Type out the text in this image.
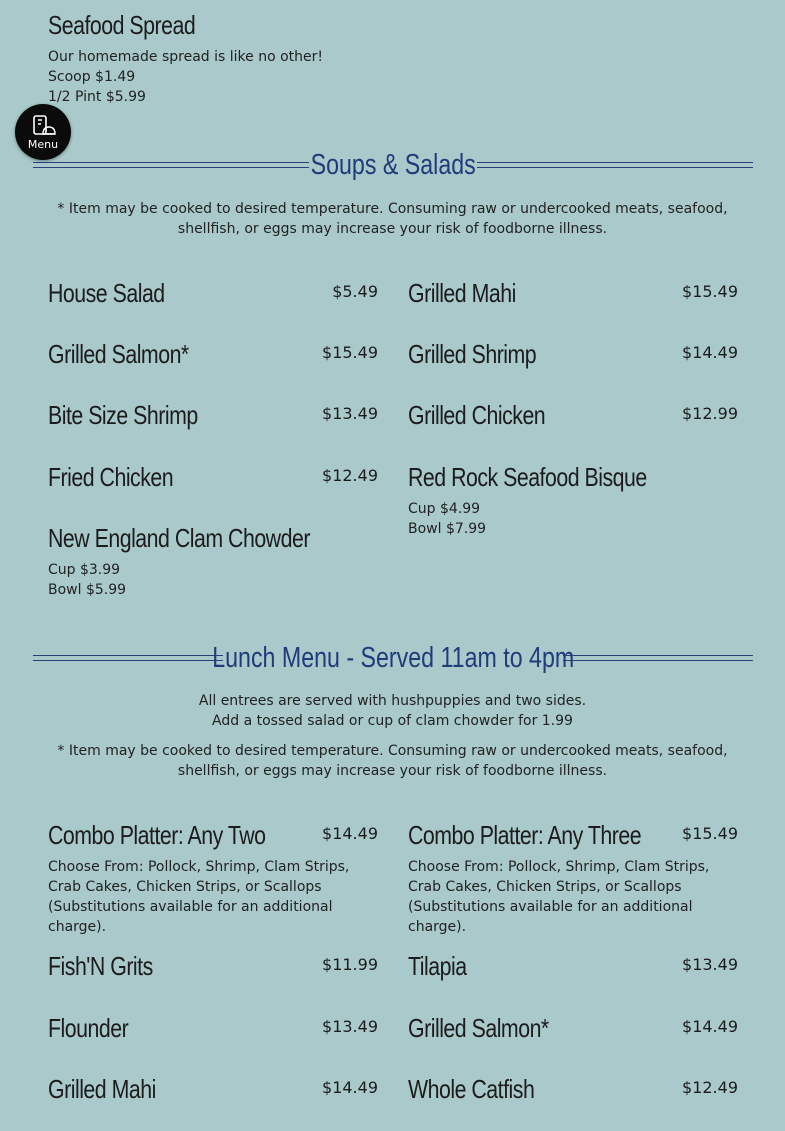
Seafood Spread
Our homemade spread is like no other!
Scoop $1.49
1/2 Pint $5.99
Menu
Soups & Salads
* Item may be cooked to desired temperature. Consuming raw or undercooked meats, seafood, shellfish, or eggs may increase your risk of foodborne illness.
House Salad	$5.49 Grilled Mahi	$15.49
Grilled Salmon*	$15.49 Grilled Shrimp	$14.49
Bite Size Shrimp	$13.49 Grilled Chicken	$12.99
Fried Chicken	$12.49 Red Rock Seafood Bisque
Cup $4.99
Bowl $7.99
New England Clam Chowder
Cup $3.99
Bowl $5.99
Lunch Menu - Served 11am to 4pm
All entrees are served with hushpuppies and two sides.
Add a tossed salad or cup of clam chowder for 1.99
* Item may be cooked to desired temperature. Consuming raw or undercooked meats, seafood, shellfish, or eggs may increase your risk of foodborne illness.
Combo Platter: Any Two	$14.49
Choose From: Pollock, Shrimp, Clam Strips, Crab Cakes, Chicken Strips, or Scallops (Substitutions available for an additional charge).
Combo Platter: Any Three	$15.49
Choose From: Pollock, Shrimp, Clam Strips, Crab Cakes, Chicken Strips, or Scallops (Substitutions available for an additional charge).
Fish'N Grits	$11.99 Tilapia	$13.49
Flounder	$13.49 Grilled Salmon*	$14.49
Grilled Mahi	$14.49 Whole Catfish	$12.49
